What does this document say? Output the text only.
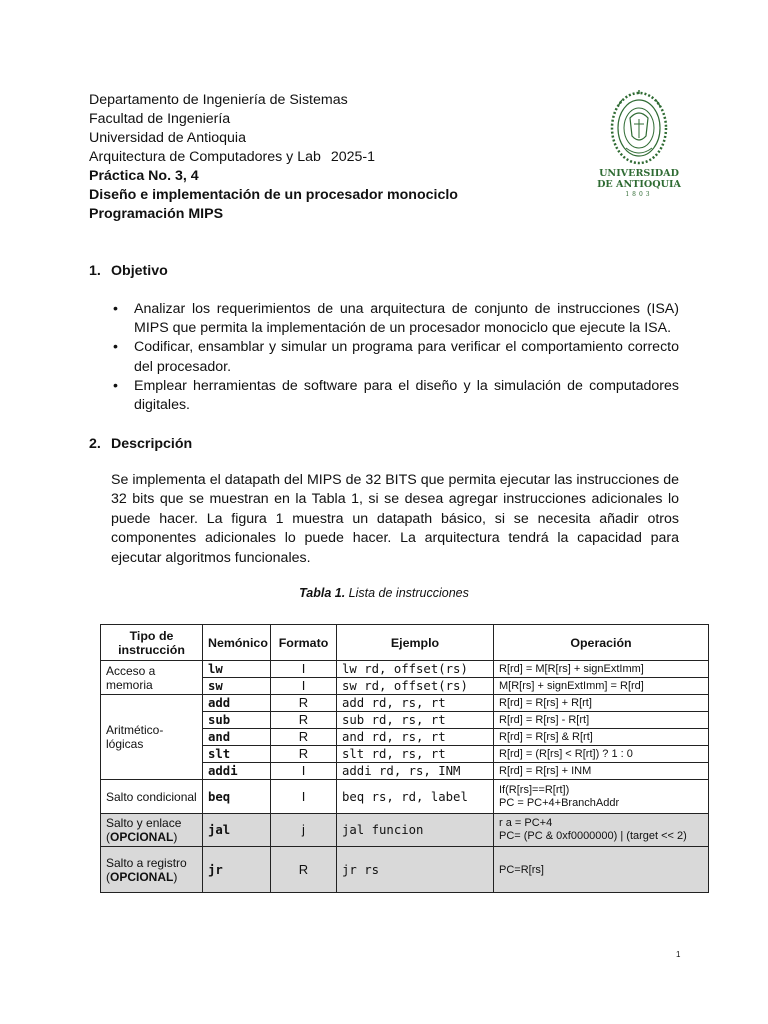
Departamento de Ingeniería de Sistemas
Facultad de Ingeniería
Universidad de Antioquia
Arquitectura de Computadores y Lab 2025-1
Práctica No. 3, 4
Diseño e implementación de un procesador monociclo
Programación MIPS
UNIVERSIDAD
DE ANTIOQUIA
1803
1. Objetivo
• Analizar los requerimientos de una arquitectura de conjunto de instrucciones (ISA) MIPS que permita la implementación de un procesador monociclo que ejecute la ISA.
• Codificar, ensamblar y simular un programa para verificar el comportamiento correcto del procesador.
• Emplear herramientas de software para el diseño y la simulación de computadores digitales.
2. Descripción
Se implementa el datapath del MIPS de 32 BITS que permita ejecutar las instrucciones de 32 bits que se muestran en la Tabla 1, si se desea agregar instrucciones adicionales lo puede hacer. La figura 1 muestra un datapath básico, si se necesita añadir otros componentes adicionales lo puede hacer. La arquitectura tendrá la capacidad para ejecutar algoritmos funcionales.
Tabla 1. Lista de instrucciones
Tipo de instrucción	Nemónico	Formato	Ejemplo	Operación
Acceso a memoria	lw	I	lw rd, offset(rs)	R[rd] = M[R[rs] + signExtImm]
	sw	I	sw rd, offset(rs)	M[R[rs] + signExtImm] = R[rd]
Aritmético-lógicas	add	R	add rd, rs, rt	R[rd] = R[rs] + R[rt]
	sub	R	sub rd, rs, rt	R[rd] = R[rs] - R[rt]
	and	R	and rd, rs, rt	R[rd] = R[rs] & R[rt]
	slt	R	slt rd, rs, rt	R[rd] = (R[rs] < R[rt]) ? 1 : 0
	addi	I	addi rd, rs, INM	R[rd] = R[rs] + INM
Salto condicional	beq	I	beq rs, rd, label	If(R[rs]==R[rt])
PC = PC+4+BranchAddr

Salto y enlace (OPCIONAL)	jal	j	jal funcion	r a = PC+4
PC= (PC & 0xf0000000) | (target << 2)

Salto a registro (OPCIONAL)	jr	R	jr rs	PC=R[rs]
1
